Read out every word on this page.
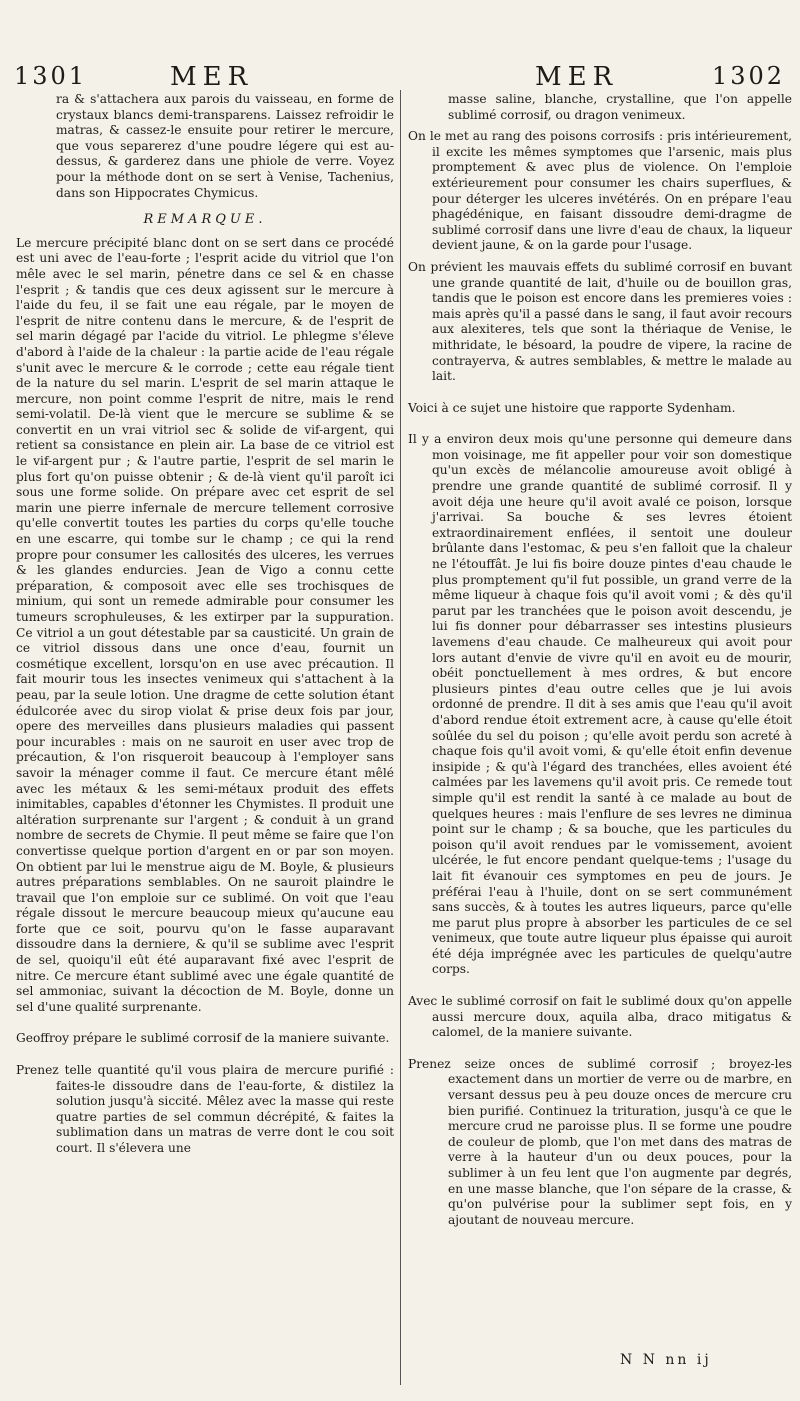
1301	MER	MER	1302

ra & s'attachera aux parois du vaisseau, en forme de crystaux blancs demi-transparens. Laissez refroidir le matras, & cassez-le ensuite pour retirer le mercure, que vous separerez d'une poudre légere qui est au-dessus, & garderez dans une phiole de verre. Voyez pour la méthode dont on se sert à Venise, Tachenius, dans son Hippocrates Chymicus.

REMARQUE.

Le mercure précipité blanc dont on se sert dans ce procédé est uni avec de l'eau-forte ; l'esprit acide du vitriol que l'on mêle avec le sel marin, pénetre dans ce sel & en chasse l'esprit ; & tandis que ces deux agissent sur le mercure à l'aide du feu, il se fait une eau régale, par le moyen de l'esprit de nitre contenu dans le mercure, & de l'esprit de sel marin dégagé par l'acide du vitriol. Le phlegme s'éleve d'abord à l'aide de la chaleur : la partie acide de l'eau régale s'unit avec le mercure & le corrode ; cette eau régale tient de la nature du sel marin. L'esprit de sel marin attaque le mercure, non point comme l'esprit de nitre, mais le rend semi-volatil. De-là vient que le mercure se sublime & se convertit en un vrai vitriol sec & solide de vif-argent, qui retient sa consistance en plein air. La base de ce vitriol est le vif-argent pur ; & l'autre partie, l'esprit de sel marin le plus fort qu'on puisse obtenir ; & de-là vient qu'il paroît ici sous une forme solide. On prépare avec cet esprit de sel marin une pierre infernale de mercure tellement corrosive qu'elle convertit toutes les parties du corps qu'elle touche en une escarre, qui tombe sur le champ ; ce qui la rend propre pour consumer les callosités des ulceres, les verrues & les glandes endurcies. Jean de Vigo a connu cette préparation, & composoit avec elle ses trochisques de minium, qui sont un remede admirable pour consumer les tumeurs scrophuleuses, & les extirper par la suppuration. Ce vitriol a un gout détestable par sa causticité. Un grain de ce vitriol dissous dans une once d'eau, fournit un cosmétique excellent, lorsqu'on en use avec précaution. Il fait mourir tous les insectes venimeux qui s'attachent à la peau, par la seule lotion. Une dragme de cette solution étant édulcorée avec du sirop violat & prise deux fois par jour, opere des merveilles dans plusieurs maladies qui passent pour incurables : mais on ne sauroit en user avec trop de précaution, & l'on risqueroit beaucoup à l'employer sans savoir la ménager comme il faut. Ce mercure étant mêlé avec les métaux & les semi-métaux produit des effets inimitables, capables d'étonner les Chymistes. Il produit une altération surprenante sur l'argent ; & conduit à un grand nombre de secrets de Chymie. Il peut même se faire que l'on convertisse quelque portion d'argent en or par son moyen. On obtient par lui le menstrue aigu de M. Boyle, & plusieurs autres préparations semblables. On ne sauroit plaindre le travail que l'on emploie sur ce sublimé. On voit que l'eau régale dissout le mercure beaucoup mieux qu'aucune eau forte que ce soit, pourvu qu'on le fasse auparavant dissoudre dans la derniere, & qu'il se sublime avec l'esprit de sel, quoiqu'il eût été auparavant fixé avec l'esprit de nitre. Ce mercure étant sublimé avec une égale quantité de sel ammoniac, suivant la décoction de M. Boyle, donne un sel d'une qualité surprenante.

Geoffroy prépare le sublimé corrosif de la maniere suivante.

Prenez telle quantité qu'il vous plaira de mercure purifié : faites-le dissoudre dans de l'eau-forte, & distilez la solution jusqu'à siccité. Mêlez avec la masse qui reste quatre parties de sel commun décrépité, & faites la sublimation dans un matras de verre dont le cou soit court. Il s'élevera une

masse saline, blanche, crystalline, que l'on appelle sublimé corrosif, ou dragon venimeux.

On le met au rang des poisons corrosifs : pris intérieurement, il excite les mêmes symptomes que l'arsenic, mais plus promptement & avec plus de violence. On l'emploie extérieurement pour consumer les chairs superflues, & pour déterger les ulceres invétérés. On en prépare l'eau phagédénique, en faisant dissoudre demi-dragme de sublimé corrosif dans une livre d'eau de chaux, la liqueur devient jaune, & on la garde pour l'usage.

On prévient les mauvais effets du sublimé corrosif en buvant une grande quantité de lait, d'huile ou de bouillon gras, tandis que le poison est encore dans les premieres voies : mais après qu'il a passé dans le sang, il faut avoir recours aux alexiteres, tels que sont la thériaque de Venise, le mithridate, le bésoard, la poudre de vipere, la racine de contrayerva, & autres semblables, & mettre le malade au lait.

Voici à ce sujet une histoire que rapporte Sydenham.

Il y a environ deux mois qu'une personne qui demeure dans mon voisinage, me fit appeller pour voir son domestique qu'un excès de mélancolie amoureuse avoit obligé à prendre une grande quantité de sublimé corrosif. Il y avoit déja une heure qu'il avoit avalé ce poison, lorsque j'arrivai. Sa bouche & ses levres étoient extraordinairement enflées, il sentoit une douleur brûlante dans l'estomac, & peu s'en falloit que la chaleur ne l'étouffât. Je lui fis boire douze pintes d'eau chaude le plus promptement qu'il fut possible, un grand verre de la même liqueur à chaque fois qu'il avoit vomi ; & dès qu'il parut par les tranchées que le poison avoit descendu, je lui fis donner pour débarrasser ses intestins plusieurs lavemens d'eau chaude. Ce malheureux qui avoit pour lors autant d'envie de vivre qu'il en avoit eu de mourir, obéit ponctuellement à mes ordres, & but encore plusieurs pintes d'eau outre celles que je lui avois ordonné de prendre. Il dit à ses amis que l'eau qu'il avoit d'abord rendue étoit extrement acre, à cause qu'elle étoit soûlée du sel du poison ; qu'elle avoit perdu son acreté à chaque fois qu'il avoit vomi, & qu'elle étoit enfin devenue insipide ; & qu'à l'égard des tranchées, elles avoient été calmées par les lavemens qu'il avoit pris. Ce remede tout simple qu'il est rendit la santé à ce malade au bout de quelques heures : mais l'enflure de ses levres ne diminua point sur le champ ; & sa bouche, que les particules du poison qu'il avoit rendues par le vomissement, avoient ulcérée, le fut encore pendant quelque-tems ; l'usage du lait fit évanouir ces symptomes en peu de jours. Je préférai l'eau à l'huile, dont on se sert communément sans succès, & à toutes les autres liqueurs, parce qu'elle me parut plus propre à absorber les particules de ce sel venimeux, que toute autre liqueur plus épaisse qui auroit été déja imprégnée avec les particules de quelqu'autre corps.

Avec le sublimé corrosif on fait le sublimé doux qu'on appelle aussi mercure doux, aquila alba, draco mitigatus & calomel, de la maniere suivante.

Prenez seize onces de sublimé corrosif ; broyez-les exactement dans un mortier de verre ou de marbre, en versant dessus peu à peu douze onces de mercure cru bien purifié. Continuez la trituration, jusqu'à ce que le mercure crud ne paroisse plus. Il se forme une poudre de couleur de plomb, que l'on met dans des matras de verre à la hauteur d'un ou deux pouces, pour la sublimer à un feu lent que l'on augmente par degrés, en une masse blanche, que l'on sépare de la crasse, & qu'on pulvérise pour la sublimer sept fois, en y ajoutant de nouveau mercure.

N N nn ij
